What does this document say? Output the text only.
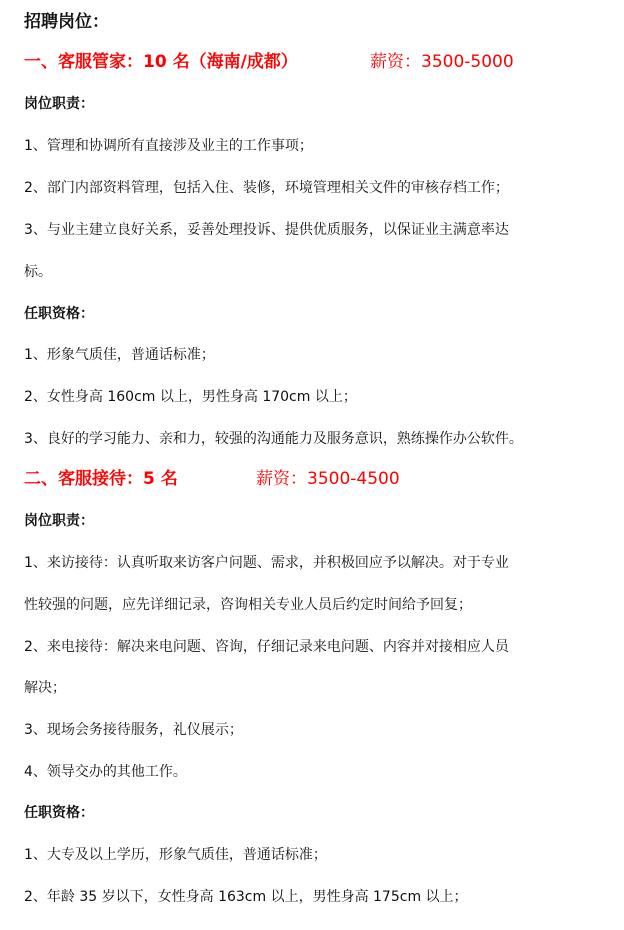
招聘岗位：
一、客服管家：10 名（海南/成都）	薪资：3500-5000
岗位职责：
1、管理和协调所有直接涉及业主的工作事项；
2、部门内部资料管理，包括入住、装修，环境管理相关文件的审核存档工作；
3、与业主建立良好关系，妥善处理投诉、提供优质服务，以保证业主满意率达
标。
任职资格：
1、形象气质佳，普通话标准；
2、女性身高 160cm 以上，男性身高 170cm 以上；
3、良好的学习能力、亲和力，较强的沟通能力及服务意识，熟练操作办公软件。
二、客服接待：5 名	薪资：3500-4500
岗位职责：
1、来访接待：认真听取来访客户问题、需求，并积极回应予以解决。对于专业
性较强的问题，应先详细记录，咨询相关专业人员后约定时间给予回复；
2、来电接待：解决来电问题、咨询，仔细记录来电问题、内容并对接相应人员
解决；
3、现场会务接待服务，礼仪展示；
4、领导交办的其他工作。
任职资格：
1、大专及以上学历，形象气质佳，普通话标准；
2、年龄 35 岁以下，女性身高 163cm 以上，男性身高 175cm 以上；
